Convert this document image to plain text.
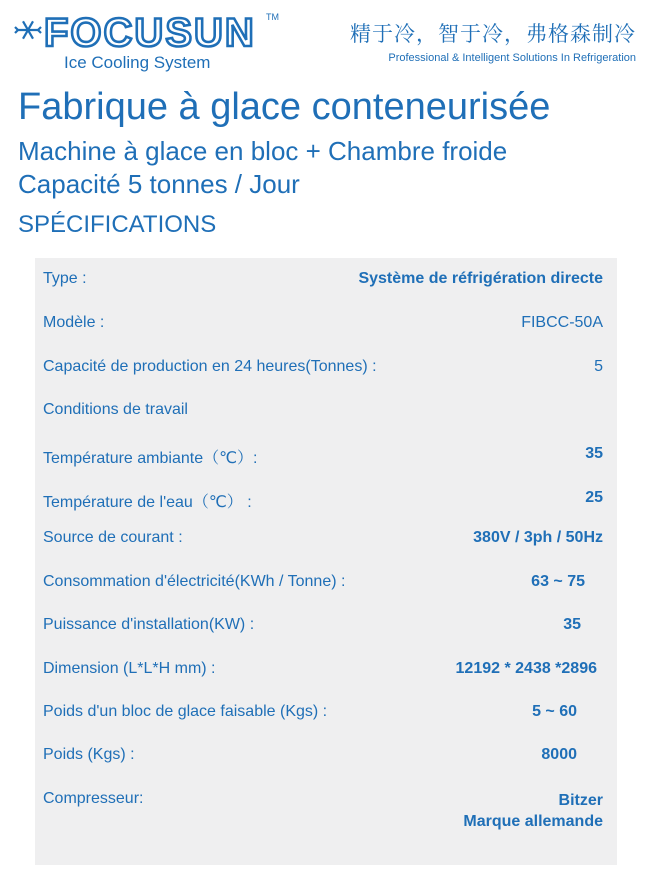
FOCUSUN TM
Ice Cooling System
精于冷，智于冷，弗格森制冷
Professional & Intelligent Solutions In Refrigeration
Fabrique à glace conteneurisée
Machine à glace en bloc + Chambre froide
Capacité 5 tonnes / Jour
SPÉCIFICATIONS
Type :	Système de réfrigération directe
Modèle :	FIBCC-50A
Capacité de production en 24 heures(Tonnes) :	5
Conditions de travail
Température ambiante（℃）:	35
Température de l'eau（℃） :	25
Source de courant :	380V / 3ph / 50Hz
Consommation d'électricité(KWh / Tonne) :	63 ~ 75
Puissance d'installation(KW) :	35
Dimension (L*L*H mm) :	12192 * 2438 *2896
Poids d'un bloc de glace faisable (Kgs) :	5 ~ 60
Poids (Kgs) :	8000
Compresseur:	Bitzer
Marque allemande
